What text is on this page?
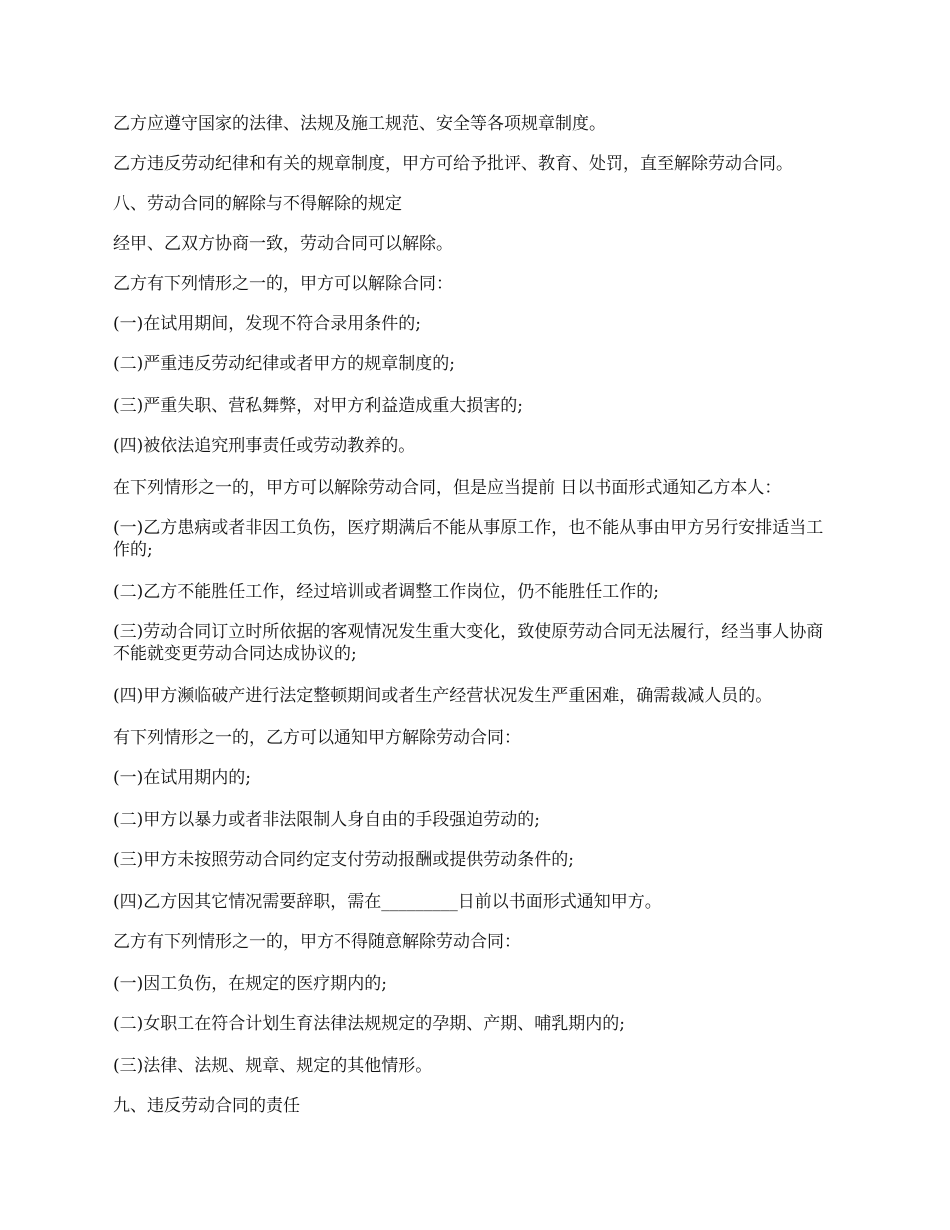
乙方应遵守国家的法律、法规及施工规范、安全等各项规章制度。

乙方违反劳动纪律和有关的规章制度，甲方可给予批评、教育、处罚，直至解除劳动合同。

八、劳动合同的解除与不得解除的规定

经甲、乙双方协商一致，劳动合同可以解除。

乙方有下列情形之一的，甲方可以解除合同：

(一)在试用期间，发现不符合录用条件的;

(二)严重违反劳动纪律或者甲方的规章制度的;

(三)严重失职、营私舞弊，对甲方利益造成重大损害的;

(四)被依法追究刑事责任或劳动教养的。

在下列情形之一的，甲方可以解除劳动合同，但是应当提前 日以书面形式通知乙方本人：

(一)乙方患病或者非因工负伤，医疗期满后不能从事原工作，也不能从事由甲方另行安排适当工作的;

(二)乙方不能胜任工作，经过培训或者调整工作岗位，仍不能胜任工作的;

(三)劳动合同订立时所依据的客观情况发生重大变化，致使原劳动合同无法履行，经当事人协商不能就变更劳动合同达成协议的;

(四)甲方濒临破产进行法定整顿期间或者生产经营状况发生严重困难，确需裁减人员的。

有下列情形之一的，乙方可以通知甲方解除劳动合同：

(一)在试用期内的;

(二)甲方以暴力或者非法限制人身自由的手段强迫劳动的;

(三)甲方未按照劳动合同约定支付劳动报酬或提供劳动条件的;

(四)乙方因其它情况需要辞职，需在_________日前以书面形式通知甲方。

乙方有下列情形之一的，甲方不得随意解除劳动合同：

(一)因工负伤，在规定的医疗期内的;

(二)女职工在符合计划生育法律法规规定的孕期、产期、哺乳期内的;

(三)法律、法规、规章、规定的其他情形。

九、违反劳动合同的责任
